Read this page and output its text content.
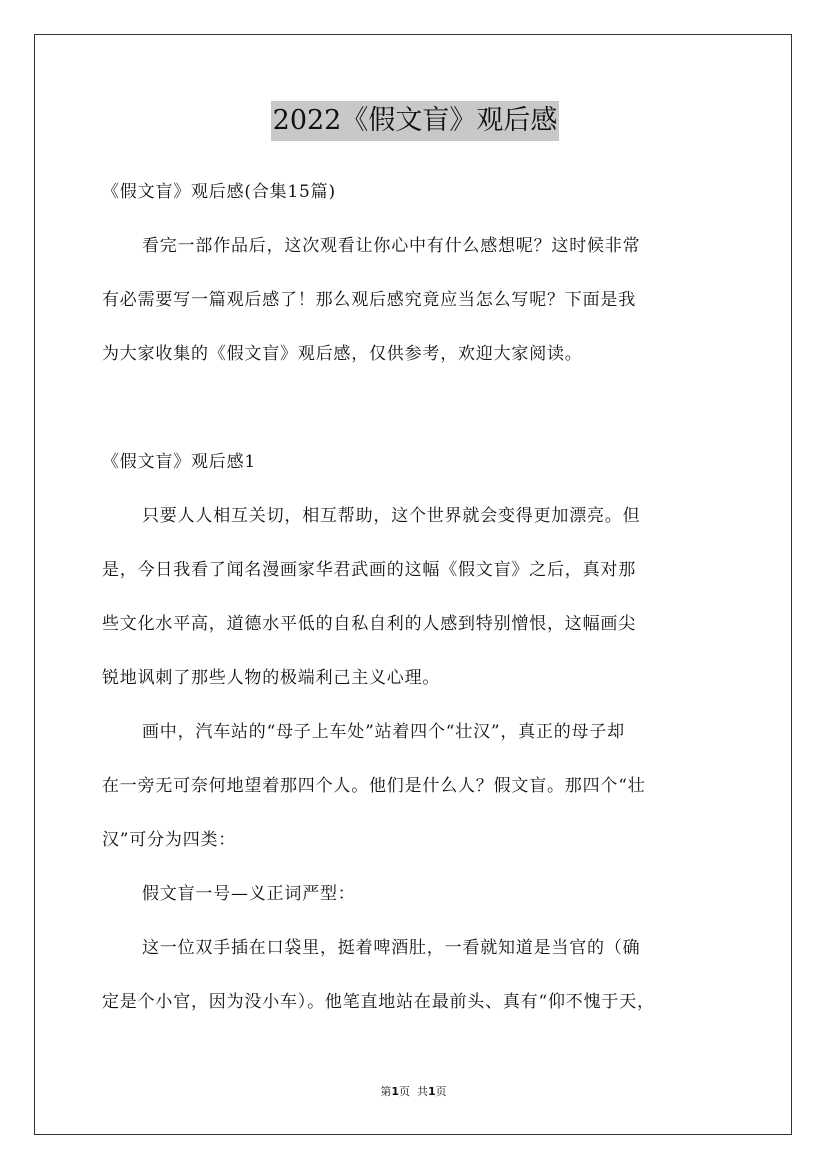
2022《假文盲》观后感
《假文盲》观后感(合集15篇)
看完一部作品后，这次观看让你心中有什么感想呢？这时候非常
有必需要写一篇观后感了！那么观后感究竟应当怎么写呢？下面是我
为大家收集的《假文盲》观后感，仅供参考，欢迎大家阅读。
《假文盲》观后感1
只要人人相互关切，相互帮助，这个世界就会变得更加漂亮。但
是，今日我看了闻名漫画家华君武画的这幅《假文盲》之后，真对那
些文化水平高，道德水平低的自私自利的人感到特别憎恨，这幅画尖
锐地讽刺了那些人物的极端利己主义心理。
画中，汽车站的“母子上车处”站着四个“壮汉”，真正的母子却
在一旁无可奈何地望着那四个人。他们是什么人？假文盲。那四个“壮
汉”可分为四类：
假文盲一号—义正词严型：
这一位双手插在口袋里，挺着啤酒肚，一看就知道是当官的（确
定是个小官，因为没小车）。他笔直地站在最前头、真有“仰不愧于天，
第1页 共1页
